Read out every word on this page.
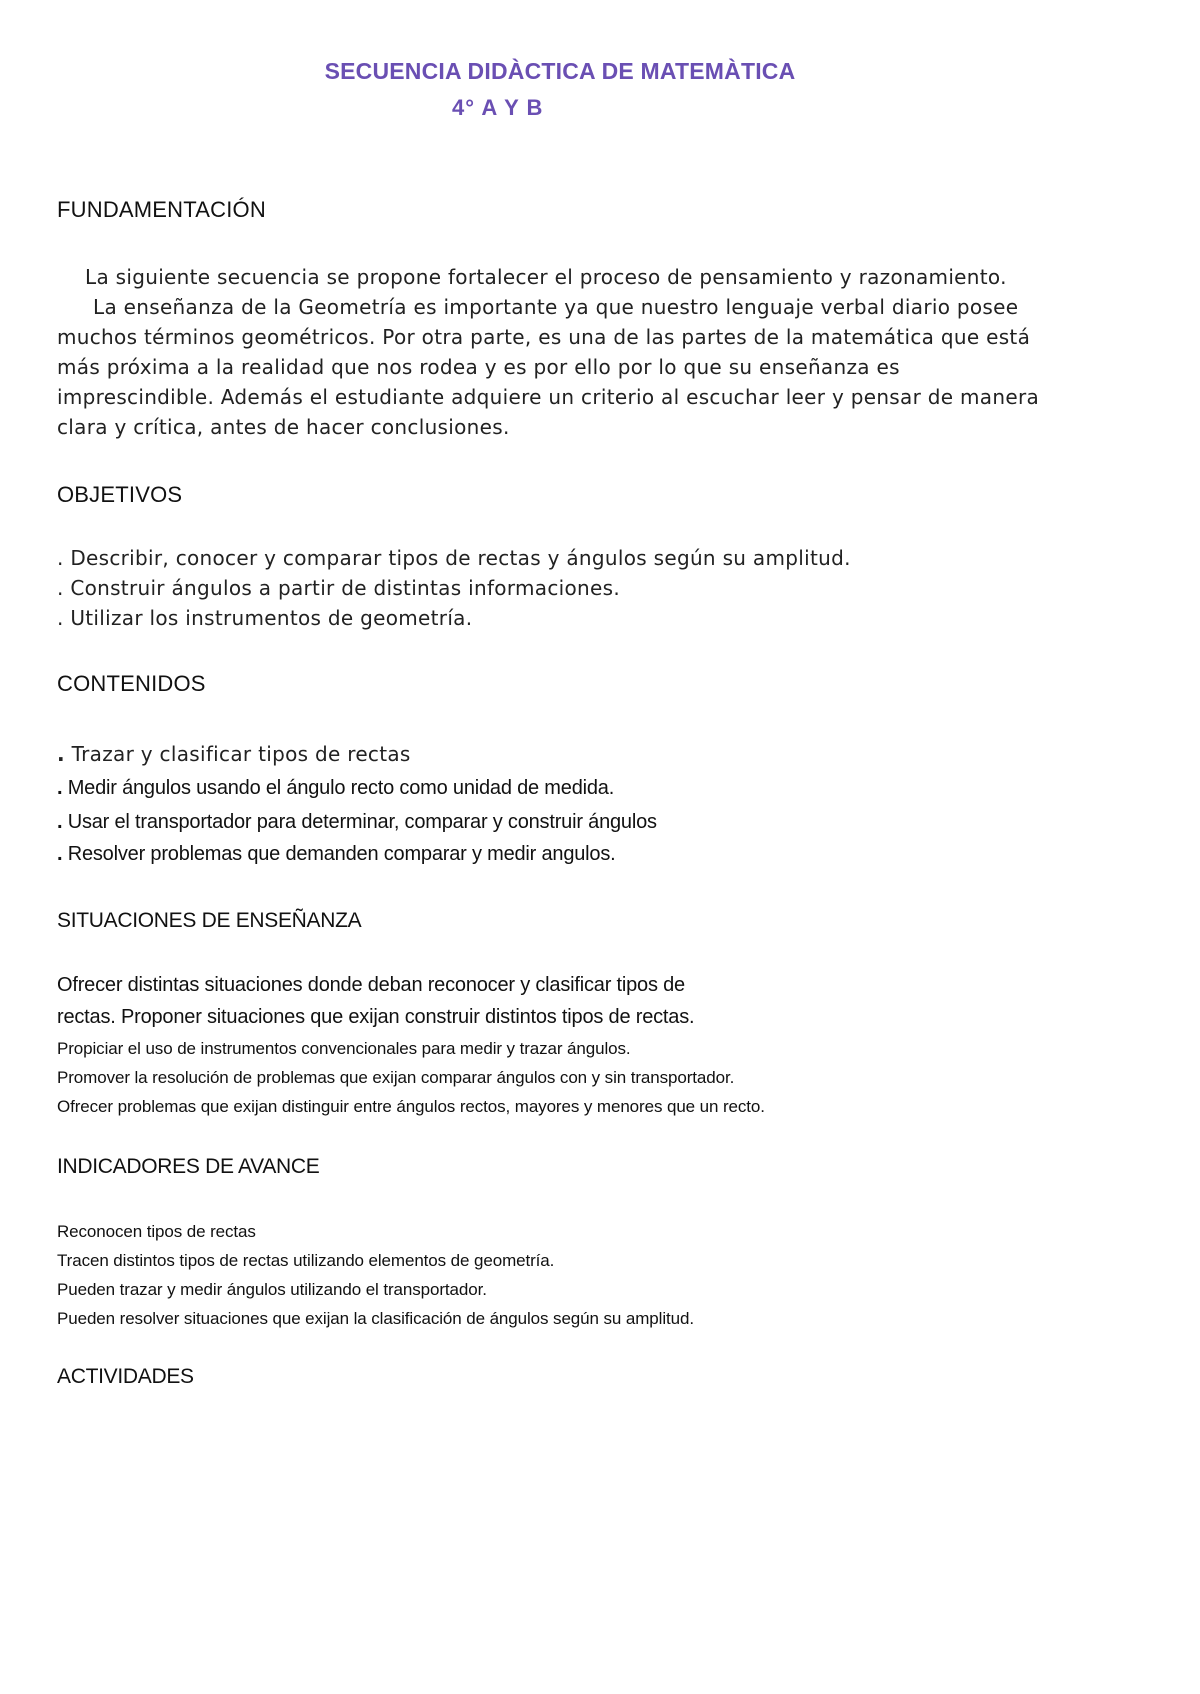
SECUENCIA DIDÀCTICA DE MATEMÀTICA
4° A Y B
FUNDAMENTACIÓN

La siguiente secuencia se propone fortalecer el proceso de pensamiento y razonamiento.

La enseñanza de la Geometría es importante ya que nuestro lenguaje verbal diario posee

muchos términos geométricos. Por otra parte, es una de las partes de la matemática que está

más próxima a la realidad que nos rodea y es por ello por lo que su enseñanza es

imprescindible. Además el estudiante adquiere un criterio al escuchar leer y pensar de manera

clara y crítica, antes de hacer conclusiones.

OBJETIVOS
. Describir, conocer y comparar tipos de rectas y ángulos según su amplitud.
. Construir ángulos a partir de distintas informaciones.
. Utilizar los instrumentos de geometría.
CONTENIDOS
. Trazar y clasificar tipos de rectas
. Medir ángulos usando el ángulo recto como unidad de medida.
. Usar el transportador para determinar, comparar y construir ángulos
. Resolver problemas que demanden comparar y medir angulos.
SITUACIONES DE ENSEÑANZA
Ofrecer distintas situaciones donde deban reconocer y clasificar tipos de
rectas. Proponer situaciones que exijan construir distintos tipos de rectas.
Propiciar el uso de instrumentos convencionales para medir y trazar ángulos.
Promover la resolución de problemas que exijan comparar ángulos con y sin transportador.
Ofrecer problemas que exijan distinguir entre ángulos rectos, mayores y menores que un recto.
INDICADORES DE AVANCE
Reconocen tipos de rectas
Tracen distintos tipos de rectas utilizando elementos de geometría.
Pueden trazar y medir ángulos utilizando el transportador.
Pueden resolver situaciones que exijan la clasificación de ángulos según su amplitud.
ACTIVIDADES
